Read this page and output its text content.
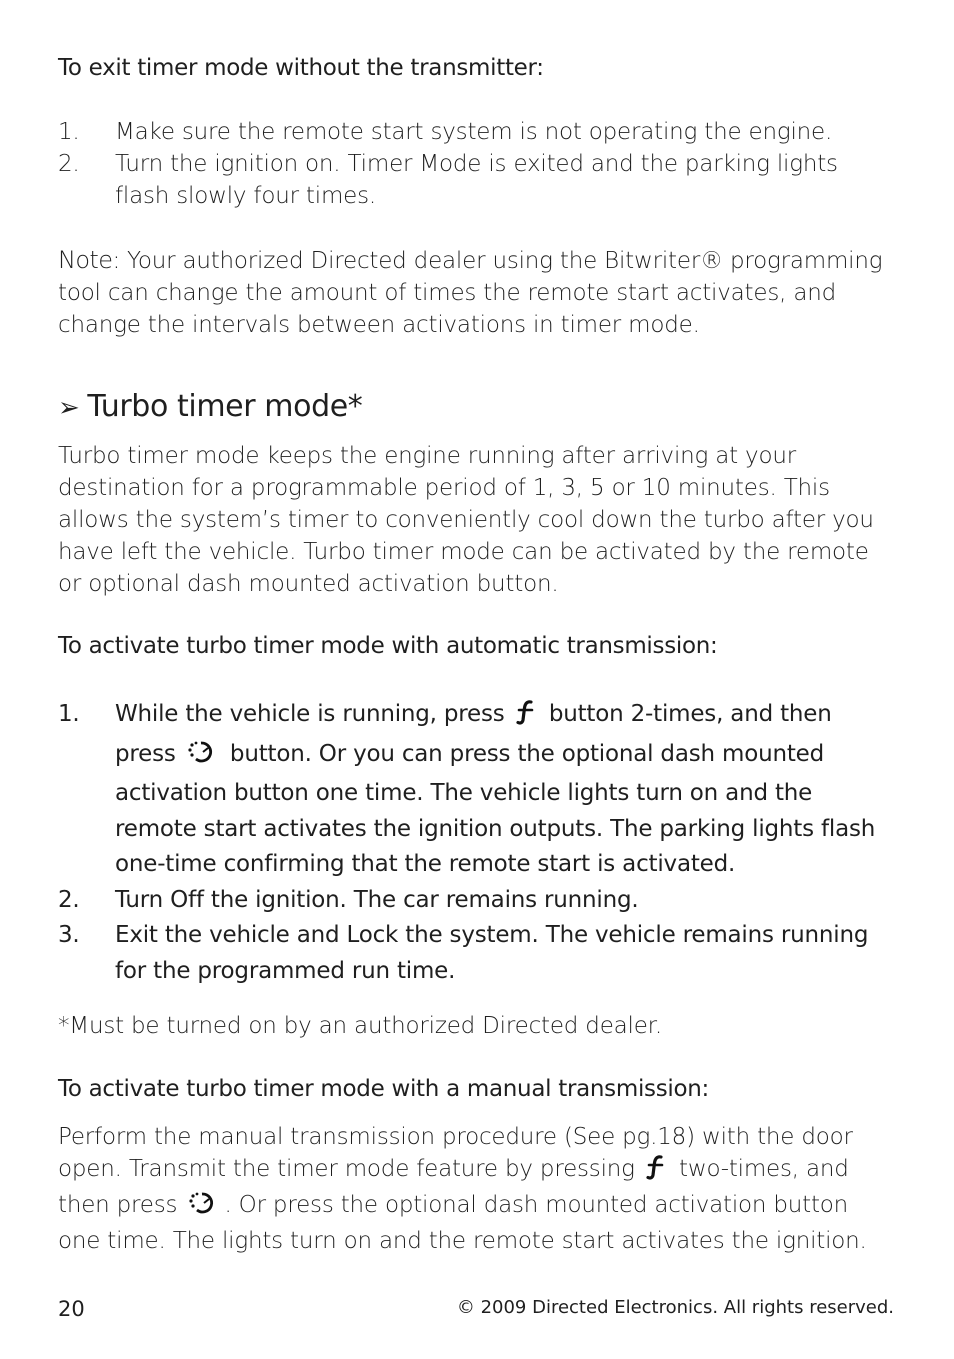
To exit timer mode without the transmitter:
1. Make sure the remote start system is not operating the engine.
2. Turn the ignition on. Timer Mode is exited and the parking lights flash slowly four times.
Note: Your authorized Directed dealer using the Bitwriter® programming tool can change the amount of times the remote start activates, and change the intervals between activations in timer mode.
➢ Turbo timer mode*
Turbo timer mode keeps the engine running after arriving at your destination for a programmable period of 1, 3, 5 or 10 minutes. This allows the system’s timer to conveniently cool down the turbo after you have left the vehicle. Turbo timer mode can be activated by the remote or optional dash mounted activation button.
To activate turbo timer mode with automatic transmission:
1. While the vehicle is running, press button 2-times, and then press button. Or you can press the optional dash mounted activation button one time. The vehicle lights turn on and the remote start activates the ignition outputs. The parking lights flash one-time confirming that the remote start is activated.
2. Turn Off the ignition. The car remains running.
3. Exit the vehicle and Lock the system. The vehicle remains running for the programmed run time.
*Must be turned on by an authorized Directed dealer.
To activate turbo timer mode with a manual transmission:
Perform the manual transmission procedure (See pg.18) with the door open. Transmit the timer mode feature by pressing two-times, and then press . Or press the optional dash mounted activation button one time. The lights turn on and the remote start activates the ignition.
20	© 2009 Directed Electronics. All rights reserved.
